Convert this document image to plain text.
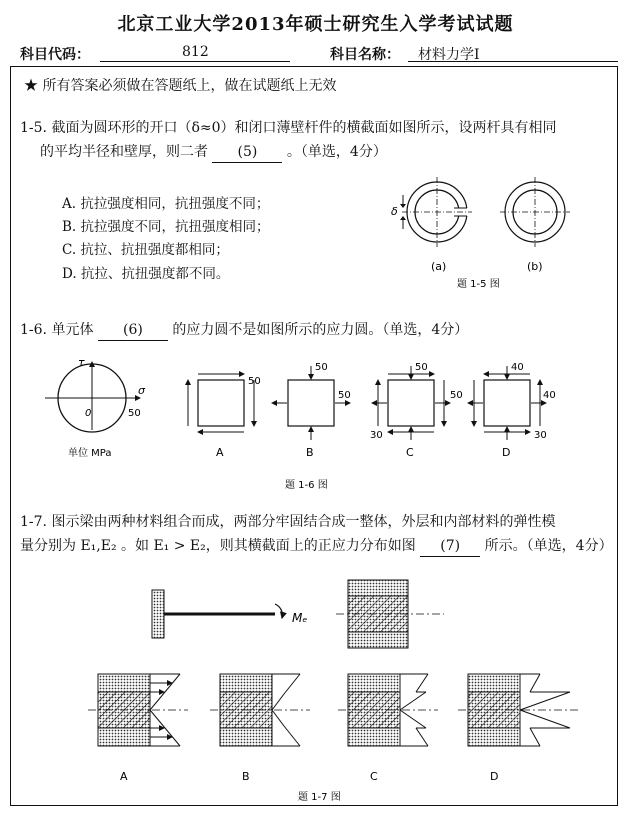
北京工业大学2013年硕士研究生入学考试试题
科目代码：	812	科目名称： 材料力学I
★ 所有答案必须做在答题纸上，做在试题纸上无效
1-5. 截面为圆环形的开口（δ≈0）和闭口薄壁杆件的横截面如图所示，设两杆具有相同
的平均半径和壁厚，则二者 (5) 。（单选，4分）
A. 抗拉强度相同，抗扭强度不同；
B. 抗拉强度不同，抗扭强度相同；
C. 抗拉、抗扭强度都相同；
D. 抗拉、抗扭强度都不同。
δ
(a)	(b)
题 1-5 图
1-6. 单元体 (6) 的应力圆不是如图所示的应力圆。（单选，4分）
τ
σ
0	50
单位 MPa
50
A
50
50
B
50
50
30
C
40
40
30
D
题 1-6 图
1-7. 图示梁由两种材料组合而成，两部分牢固结合成一整体，外层和内部材料的弹性模
量分别为 E₁,E₂ 。如 E₁ > E₂，则其横截面上的正应力分布如图 (7) 所示。（单选，4分）
Mₑ
A	B	C	D
题 1-7 图
